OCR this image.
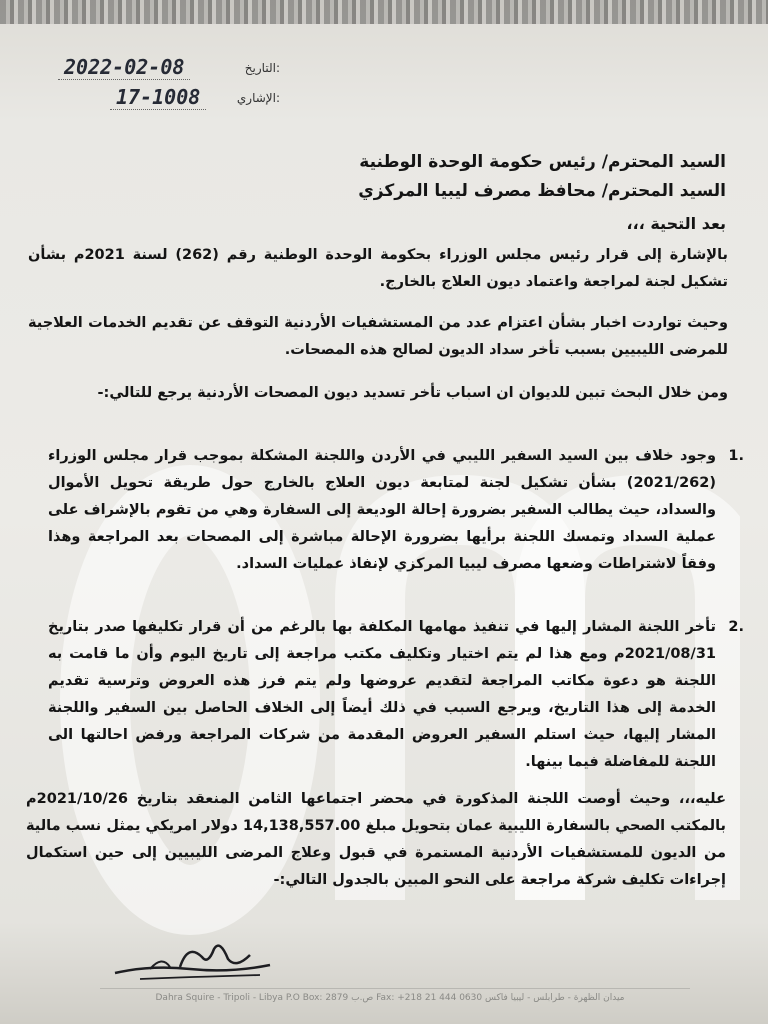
2022-02-08	التاريخ:
17-1008	الإشاري:
السيد المحترم/ رئيس حكومة الوحدة الوطنية
السيد المحترم/ محافظ مصرف ليبيا المركزي
بعد التحية ،،،
بالإشارة إلى قرار رئيس مجلس الوزراء بحكومة الوحدة الوطنية رقم (262) لسنة 2021م بشأن تشكيل لجنة لمراجعة واعتماد ديون العلاج بالخارج.
وحيث تواردت اخبار بشأن اعتزام عدد من المستشفيات الأردنية التوقف عن تقديم الخدمات العلاجية للمرضى الليبيين بسبب تأخر سداد الديون لصالح هذه المصحات.
ومن خلال البحث تبين للديوان ان اسباب تأخر تسديد ديون المصحات الأردنية يرجع للتالي:-
.1
وجود خلاف بين السيد السفير الليبي في الأردن واللجنة المشكلة بموجب قرار مجلس الوزراء (2021/262) بشأن تشكيل لجنة لمتابعة ديون العلاج بالخارج حول طريقة تحويل الأموال والسداد، حيث يطالب السفير بضرورة إحالة الوديعة إلى السفارة وهي من تقوم بالإشراف على عملية السداد وتمسك اللجنة برأيها بضرورة الإحالة مباشرة إلى المصحات بعد المراجعة وهذا وفقاً لاشتراطات وضعها مصرف ليبيا المركزي لإنفاذ عمليات السداد.
.2
تأخر اللجنة المشار إليها في تنفيذ مهامها المكلفة بها بالرغم من أن قرار تكليفها صدر بتاريخ 2021/08/31م ومع هذا لم يتم اختيار وتكليف مكتب مراجعة إلى تاريخ اليوم وأن ما قامت به اللجنة هو دعوة مكاتب المراجعة لتقديم عروضها ولم يتم فرز هذه العروض وترسية تقديم الخدمة إلى هذا التاريخ، ويرجع السبب في ذلك أيضاً إلى الخلاف الحاصل بين السفير واللجنة المشار إليها، حيث استلم السفير العروض المقدمة من شركات المراجعة ورفض احالتها الى اللجنة للمفاضلة فيما بينها.
عليه،،، وحيث أوصت اللجنة المذكورة في محضر اجتماعها الثامن المنعقد بتاريخ 2021/10/26م بالمكتب الصحي بالسفارة الليبية عمان بتحويل مبلغ 14,138,557.00 دولار امريكي يمثل نسب مالية من الديون للمستشفيات الأردنية المستمرة في قبول وعلاج المرضى الليبيين إلى حين استكمال إجراءات تكليف شركة مراجعة على النحو المبين بالجدول التالي:-
Dahra Squire - Tripoli - Libya P.O Box: 2879 ص.ب Fax: +218 21 444 0630 ميدان الظهرة - طرابلس - ليبيا فاكس
